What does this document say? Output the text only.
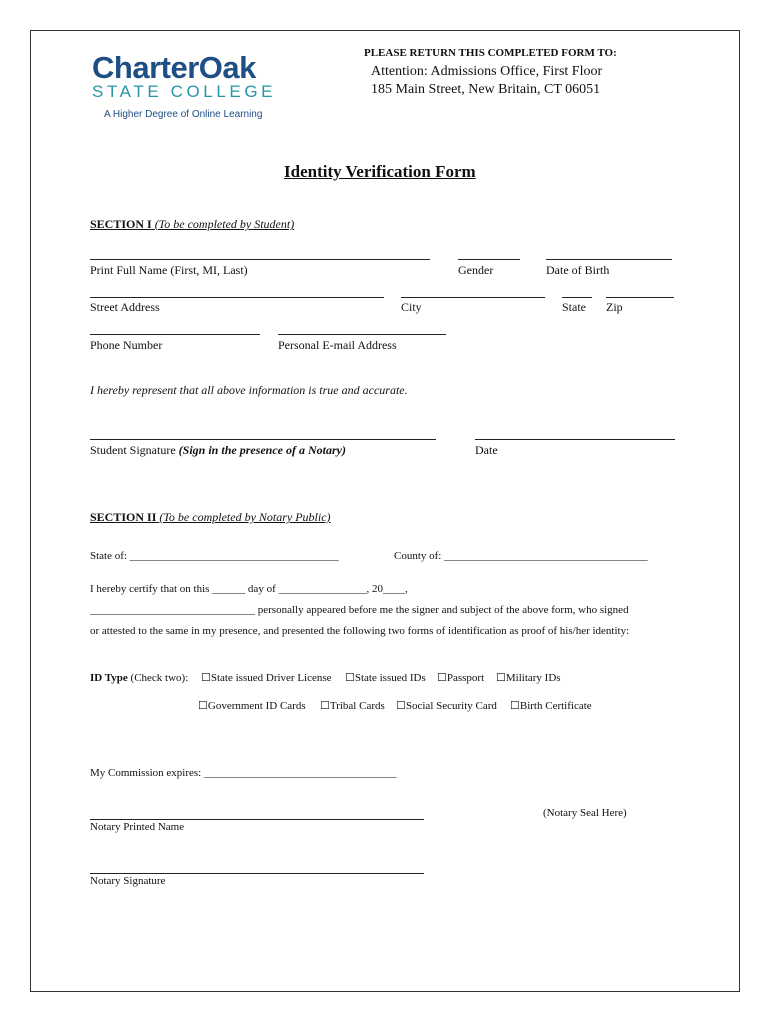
CharterOak
STATE COLLEGE
A Higher Degree of Online Learning
PLEASE RETURN THIS COMPLETED FORM TO:
Attention: Admissions Office, First Floor
185 Main Street, New Britain, CT 06051
Identity Verification Form
SECTION I (To be completed by Student)
Print Full Name (First, MI, Last)	Gender	Date of Birth
Street Address	City	State Zip
Phone Number	Personal E-mail Address
I hereby represent that all above information is true and accurate.
Student Signature (Sign in the presence of a Notary)	Date
SECTION II (To be completed by Notary Public)
State of: ______________________________________	County of: _____________________________________
I hereby certify that on this ______ day of ________________, 20____,
______________________________ personally appeared before me the signer and subject of the above form, who signed
or attested to the same in my presence, and presented the following two forms of identification as proof of his/her identity:
ID Type (Check two): ☐State issued Driver License ☐State issued IDs ☐Passport ☐Military IDs
☐Government ID Cards ☐Tribal Cards ☐Social Security Card ☐Birth Certificate
My Commission expires: ___________________________________
Notary Printed Name
(Notary Seal Here)
Notary Signature
